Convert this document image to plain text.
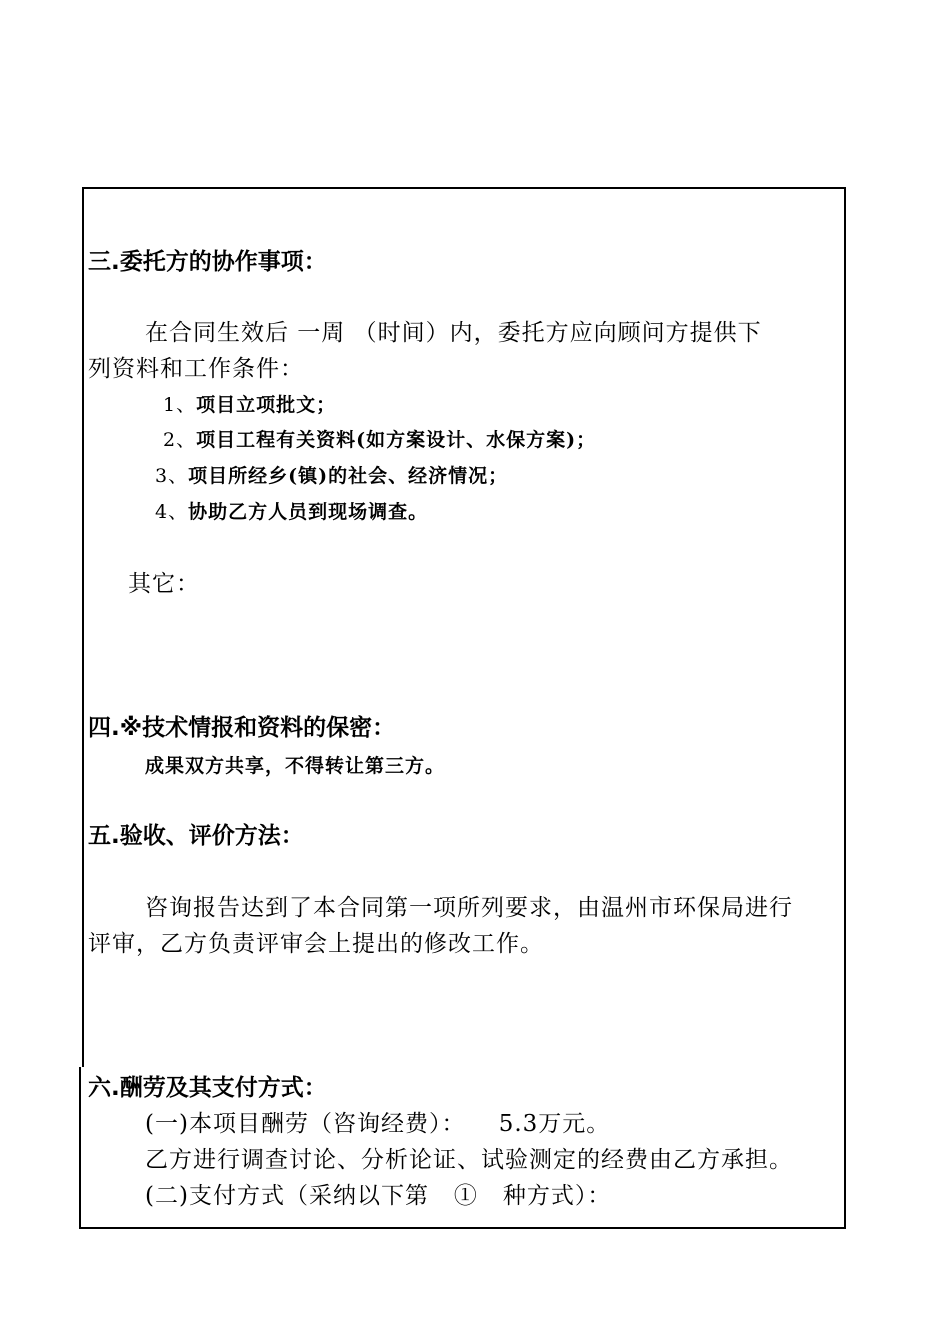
三.委托方的协作事项：
在合同生效后 一周 （时间）内，委托方应向顾问方提供下
列资料和工作条件：
1、项目立项批文；
2、项目工程有关资料(如方案设计、水保方案)；
3、项目所经乡(镇)的社会、经济情况；
4、协助乙方人员到现场调查。
其它：
四.※技术情报和资料的保密：
成果双方共享，不得转让第三方。
五.验收、评价方法：
咨询报告达到了本合同第一项所列要求，由温州市环保局进行
评审，乙方负责评审会上提出的修改工作。
六.酬劳及其支付方式：
(一)本项目酬劳（咨询经费）：    5.3万元。
乙方进行调查讨论、分析论证、试验测定的经费由乙方承担。
(二)支付方式（采纳以下第   ①   种方式）：
